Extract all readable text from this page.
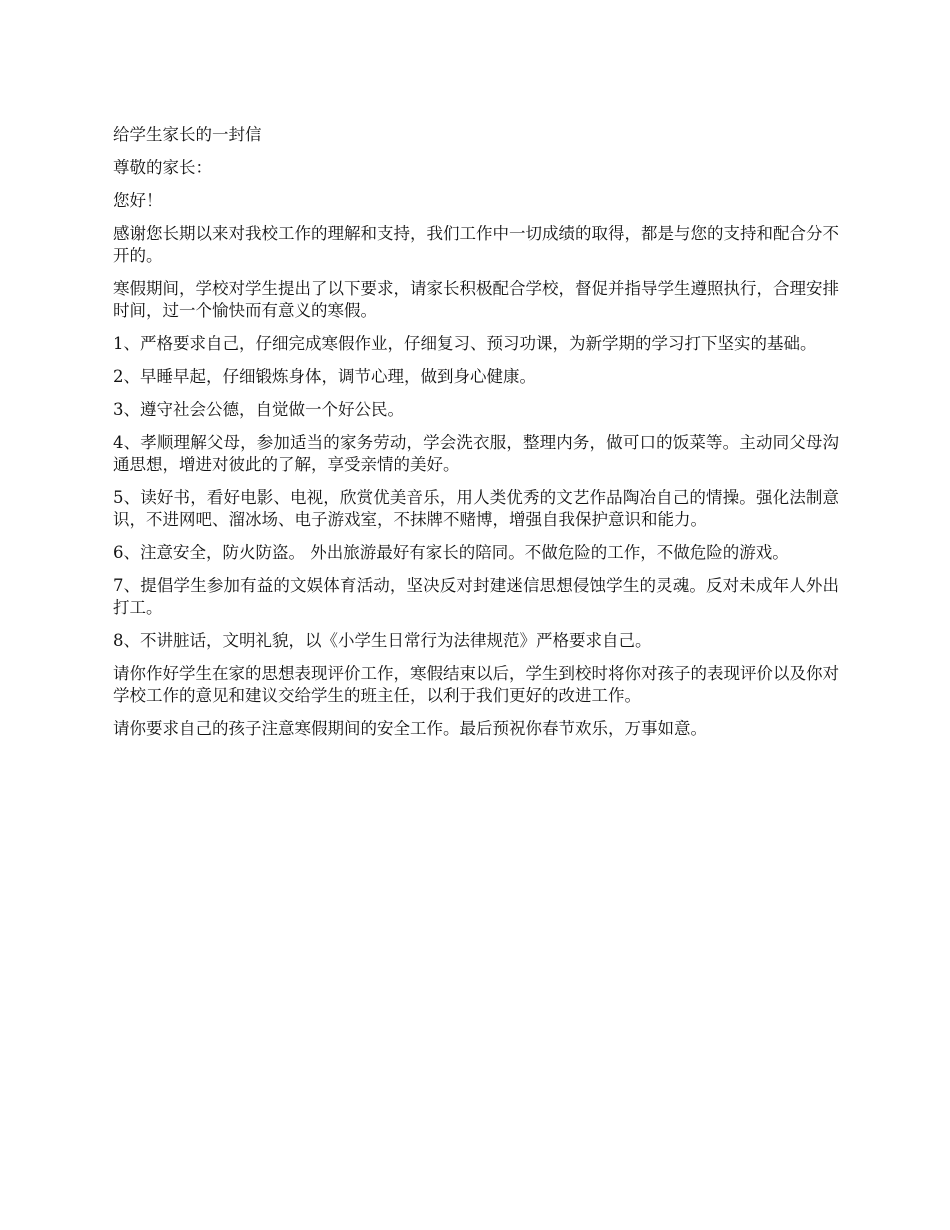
给学生家长的一封信

尊敬的家长：

您好！

感谢您长期以来对我校工作的理解和支持，我们工作中一切成绩的取得，都是与您的支持和配合分不开的。

寒假期间，学校对学生提出了以下要求，请家长积极配合学校，督促并指导学生遵照执行，合理安排时间，过一个愉快而有意义的寒假。

1、严格要求自己，仔细完成寒假作业，仔细复习、预习功课，为新学期的学习打下坚实的基础。

2、早睡早起，仔细锻炼身体，调节心理，做到身心健康。

3、遵守社会公德，自觉做一个好公民。

4、孝顺理解父母，参加适当的家务劳动，学会洗衣服，整理内务，做可口的饭菜等。主动同父母沟通思想，增进对彼此的了解，享受亲情的美好。

5、读好书，看好电影、电视，欣赏优美音乐，用人类优秀的文艺作品陶冶自己的情操。强化法制意识，不进网吧、溜冰场、电子游戏室，不抹牌不赌博，增强自我保护意识和能力。

6、注意安全，防火防盗。 外出旅游最好有家长的陪同。不做危险的工作，不做危险的游戏。

7、提倡学生参加有益的文娱体育活动，坚决反对封建迷信思想侵蚀学生的灵魂。反对未成年人外出打工。

8、不讲脏话，文明礼貌，以《小学生日常行为法律规范》严格要求自己。

请你作好学生在家的思想表现评价工作，寒假结束以后，学生到校时将你对孩子的表现评价以及你对学校工作的意见和建议交给学生的班主任，以利于我们更好的改进工作。

请你要求自己的孩子注意寒假期间的安全工作。最后预祝你春节欢乐，万事如意。
